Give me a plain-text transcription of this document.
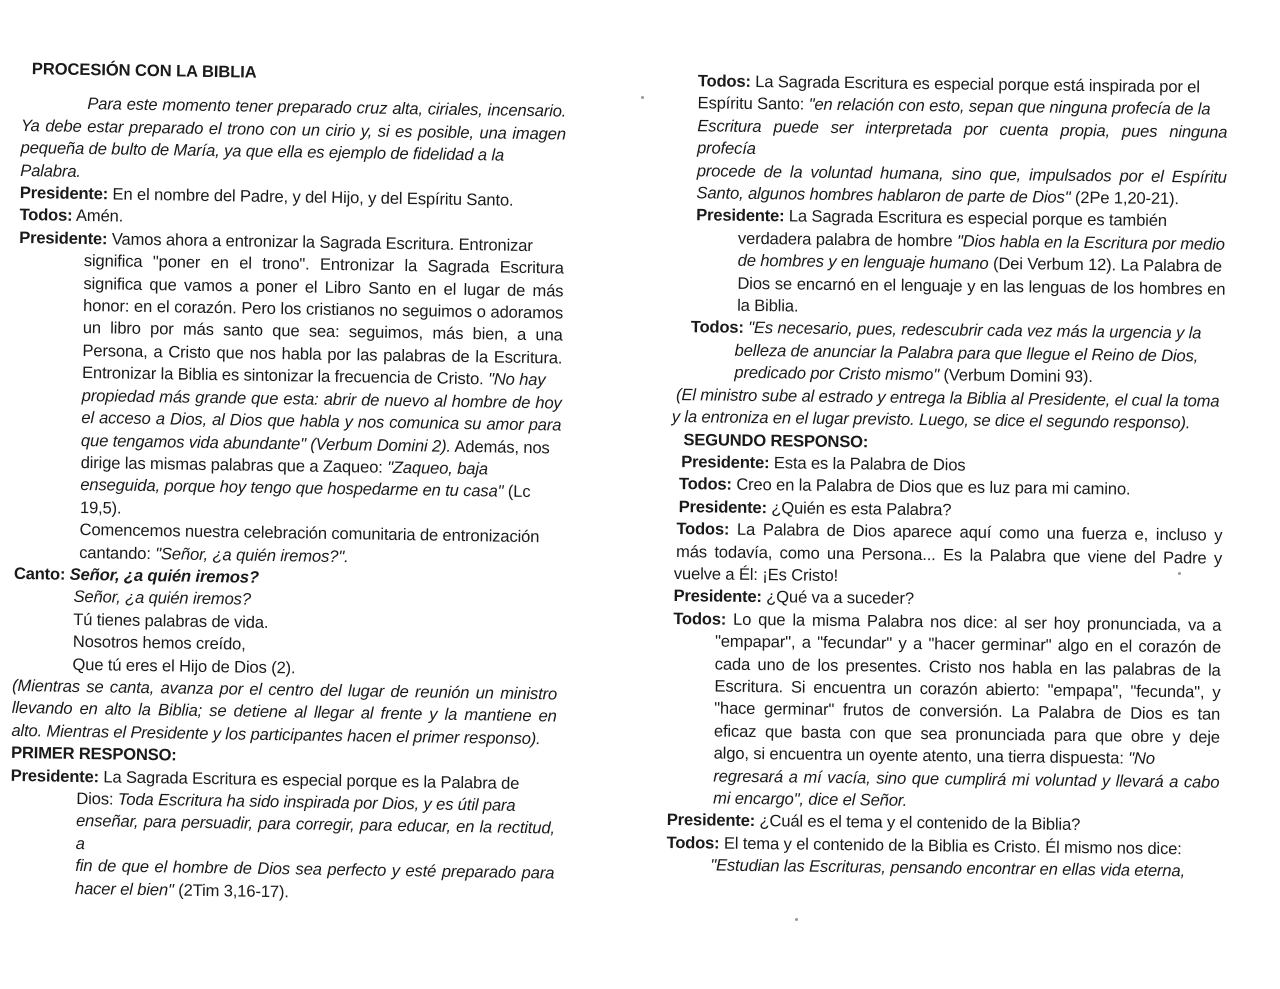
PROCESIÓN CON LA BIBLIA
Para este momento tener preparado cruz alta, ciriales, incensario.
Ya debe estar preparado el trono con un cirio y, si es posible, una imagen
pequeña de bulto de María, ya que ella es ejemplo de fidelidad a la
Palabra.
Presidente: En el nombre del Padre, y del Hijo, y del Espíritu Santo.
Todos: Amén.
Presidente: Vamos ahora a entronizar la Sagrada Escritura. Entronizar
significa "poner en el trono". Entronizar la Sagrada Escritura
significa que vamos a poner el Libro Santo en el lugar de más
honor: en el corazón. Pero los cristianos no seguimos o adoramos
un libro por más santo que sea: seguimos, más bien, a una
Persona, a Cristo que nos habla por las palabras de la Escritura.
Entronizar la Biblia es sintonizar la frecuencia de Cristo. "No hay
propiedad más grande que esta: abrir de nuevo al hombre de hoy
el acceso a Dios, al Dios que habla y nos comunica su amor para
que tengamos vida abundante" (Verbum Domini 2). Además, nos
dirige las mismas palabras que a Zaqueo: "Zaqueo, baja
enseguida, porque hoy tengo que hospedarme en tu casa" (Lc
19,5).
Comencemos nuestra celebración comunitaria de entronización
cantando: "Señor, ¿a quién iremos?".
Canto: Señor, ¿a quién iremos?
Señor, ¿a quién iremos?
Tú tienes palabras de vida.
Nosotros hemos creído,
Que tú eres el Hijo de Dios (2).
(Mientras se canta, avanza por el centro del lugar de reunión un ministro
llevando en alto la Biblia; se detiene al llegar al frente y la mantiene en
alto. Mientras el Presidente y los participantes hacen el primer responso).
PRIMER RESPONSO:
Presidente: La Sagrada Escritura es especial porque es la Palabra de
Dios: Toda Escritura ha sido inspirada por Dios, y es útil para
enseñar, para persuadir, para corregir, para educar, en la rectitud, a
fin de que el hombre de Dios sea perfecto y esté preparado para
hacer el bien" (2Tim 3,16-17).
Todos: La Sagrada Escritura es especial porque está inspirada por el
Espíritu Santo: "en relación con esto, sepan que ninguna profecía de la
Escritura puede ser interpretada por cuenta propia, pues ninguna profecía
procede de la voluntad humana, sino que, impulsados por el Espíritu
Santo, algunos hombres hablaron de parte de Dios" (2Pe 1,20-21).
Presidente: La Sagrada Escritura es especial porque es también
verdadera palabra de hombre "Dios habla en la Escritura por medio
de hombres y en lenguaje humano (Dei Verbum 12). La Palabra de
Dios se encarnó en el lenguaje y en las lenguas de los hombres en
la Biblia.
Todos: "Es necesario, pues, redescubrir cada vez más la urgencia y la
belleza de anunciar la Palabra para que llegue el Reino de Dios,
predicado por Cristo mismo" (Verbum Domini 93).
(El ministro sube al estrado y entrega la Biblia al Presidente, el cual la toma
y la entroniza en el lugar previsto. Luego, se dice el segundo responso).
SEGUNDO RESPONSO:
Presidente: Esta es la Palabra de Dios
Todos: Creo en la Palabra de Dios que es luz para mi camino.
Presidente: ¿Quién es esta Palabra?
Todos: La Palabra de Dios aparece aquí como una fuerza e, incluso y
más todavía, como una Persona... Es la Palabra que viene del Padre y
vuelve a Él: ¡Es Cristo!
Presidente: ¿Qué va a suceder?
Todos: Lo que la misma Palabra nos dice: al ser hoy pronunciada, va a
"empapar", a "fecundar" y a "hacer germinar" algo en el corazón de
cada uno de los presentes. Cristo nos habla en las palabras de la
Escritura. Si encuentra un corazón abierto: "empapa", "fecunda", y
"hace germinar" frutos de conversión. La Palabra de Dios es tan
eficaz que basta con que sea pronunciada para que obre y deje
algo, si encuentra un oyente atento, una tierra dispuesta: "No
regresará a mí vacía, sino que cumplirá mi voluntad y llevará a cabo
mi encargo", dice el Señor.
Presidente: ¿Cuál es el tema y el contenido de la Biblia?
Todos: El tema y el contenido de la Biblia es Cristo. Él mismo nos dice:
"Estudian las Escrituras, pensando encontrar en ellas vida eterna,
